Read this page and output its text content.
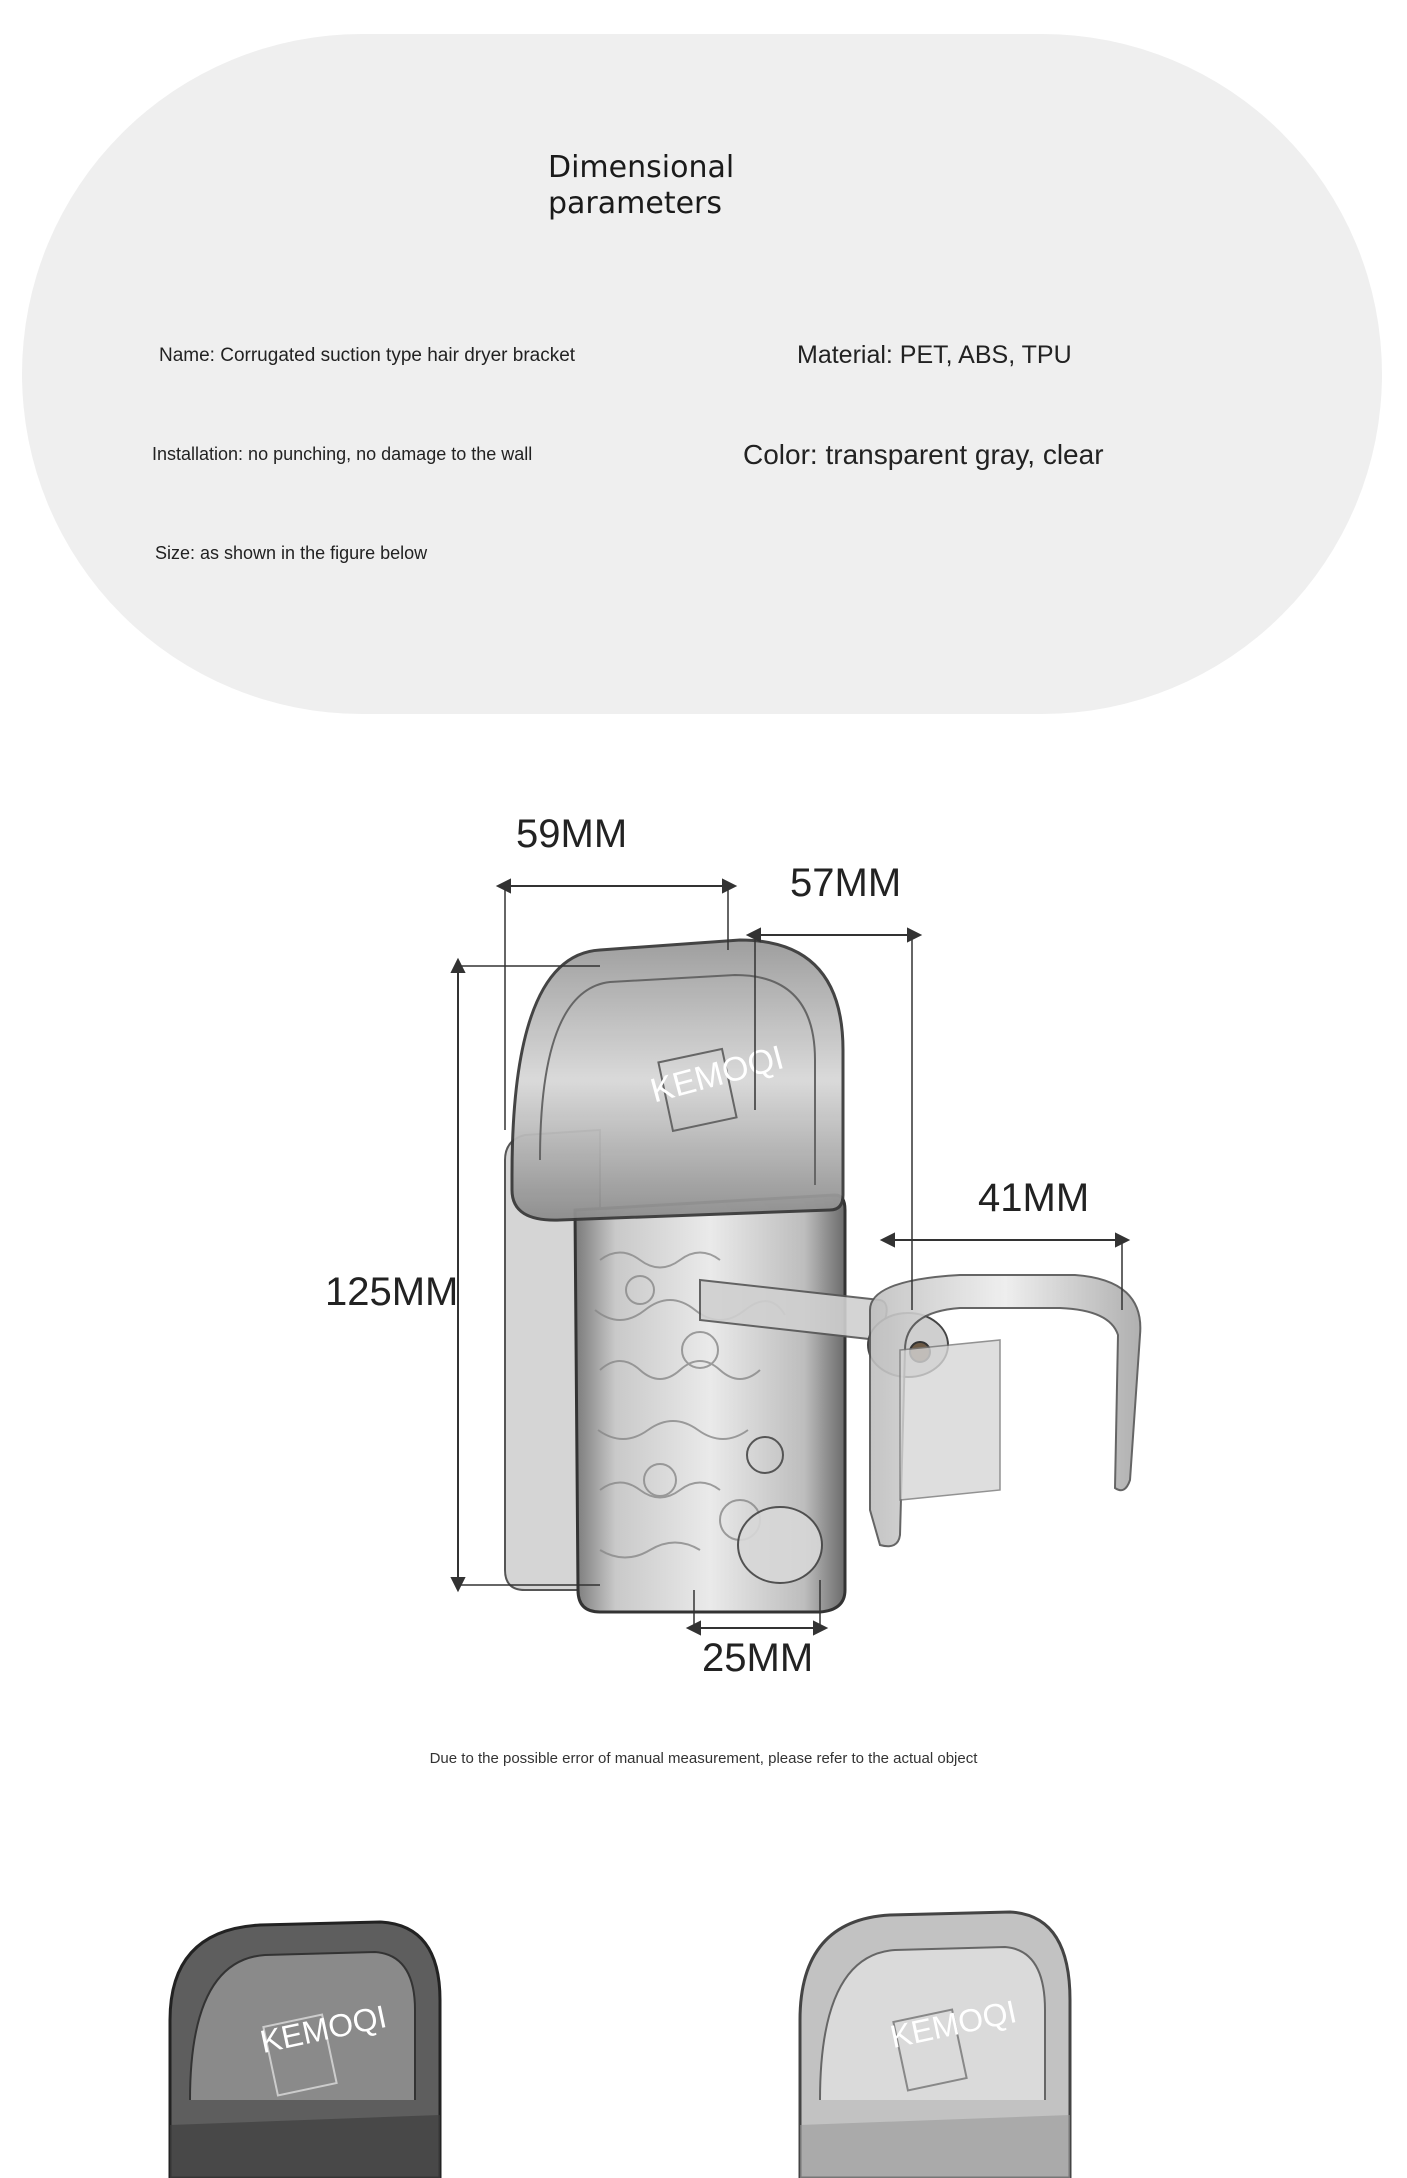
Dimensional
parameters
Name: Corrugated suction type hair dryer bracket
Installation: no punching, no damage to the wall
Size: as shown in the figure below
Material: PET, ABS, TPU
Color: transparent gray, clear
KEMOQI
59MM
57MM
41MM
125MM
25MM
Due to the possible error of manual measurement, please refer to the actual object
KEMOQI	KEMOQI
